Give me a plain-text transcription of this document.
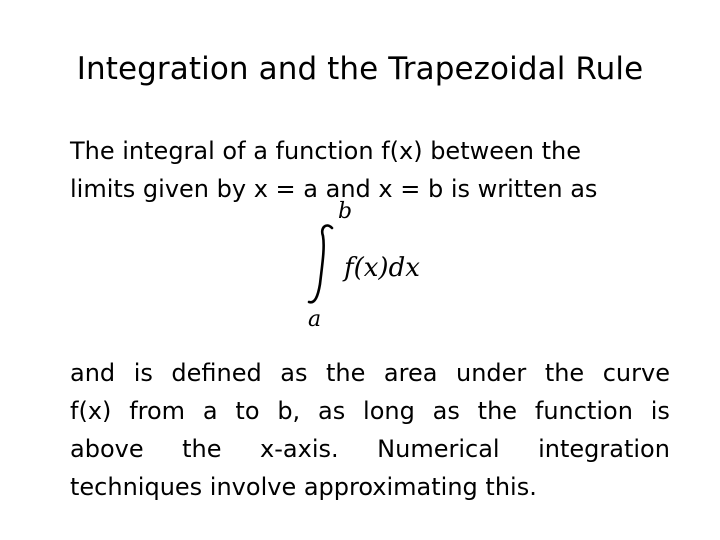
Integration and the Trapezoidal Rule
The integral of a function f(x) between the
limits given by x = a and x = b is written as
b
a
f(x)dx
and is defined as the area under the curve
f(x) from a to b, as long as the function is
above the x-axis. Numerical integration
techniques involve approximating this.
